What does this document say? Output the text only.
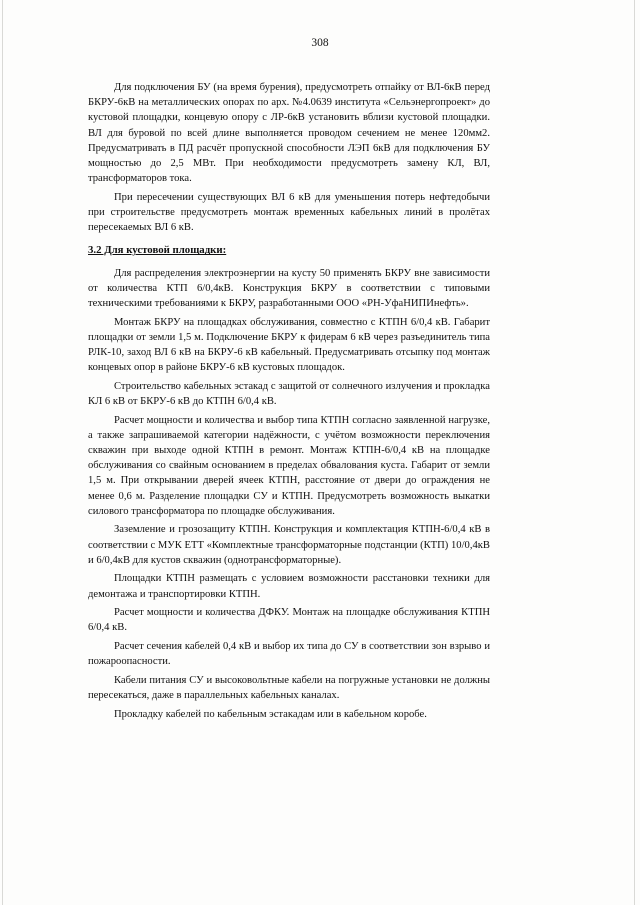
308

Для подключения БУ (на время бурения), предусмотреть отпайку от ВЛ-6кВ перед БКРУ-6кВ на металлических опорах по арх. №4.0639 института «Сельэнергопроект» до кустовой площадки, концевую опору с ЛР-6кВ установить вблизи кустовой площадки. ВЛ для буровой по всей длине выполняется проводом сечением не менее 120мм2. Предусматривать в ПД расчёт пропускной способности ЛЭП 6кВ для подключения БУ мощностью до 2,5 МВт. При необходимости предусмотреть замену КЛ, ВЛ, трансформаторов тока.

При пересечении существующих ВЛ 6 кВ для уменьшения потерь нефтедобычи при строительстве предусмотреть монтаж временных кабельных линий в пролётах пересекаемых ВЛ 6 кВ.

3.2 Для кустовой площадки:

Для распределения электроэнергии на кусту 50 применять БКРУ вне зависимости от количества КТП 6/0,4кВ. Конструкция БКРУ в соответствии с типовыми техническими требованиями к БКРУ, разработанными ООО «РН-УфаНИПИнефть».

Монтаж БКРУ на площадках обслуживания, совместно с КТПН 6/0,4 кВ. Габарит площадки от земли 1,5 м. Подключение БКРУ к фидерам 6 кВ через разъединитель типа РЛК-10, заход ВЛ 6 кВ на БКРУ-6 кВ кабельный. Предусматривать отсыпку под монтаж концевых опор в районе БКРУ-6 кВ кустовых площадок.

Строительство кабельных эстакад с защитой от солнечного излучения и прокладка КЛ 6 кВ от БКРУ-6 кВ до КТПН 6/0,4 кВ.

Расчет мощности и количества и выбор типа КТПН согласно заявленной нагрузке, а также запрашиваемой категории надёжности, с учётом возможности переключения скважин при выходе одной КТПН в ремонт. Монтаж КТПН-6/0,4 кВ на площадке обслуживания со свайным основанием в пределах обвалования куста. Габарит от земли 1,5 м. При открывании дверей ячеек КТПН, расстояние от двери до ограждения не менее 0,6 м. Разделение площадки СУ и КТПН. Предусмотреть возможность выкатки силового трансформатора по площадке обслуживания.

Заземление и грозозащиту КТПН. Конструкция и комплектация КТПН-6/0,4 кВ в соответствии с МУК ЕТТ «Комплектные трансформаторные подстанции (КТП) 10/0,4кВ и 6/0,4кВ для кустов скважин (однотрансформаторные).

Площадки КТПН размещать с условием возможности расстановки техники для демонтажа и транспортировки КТПН.

Расчет мощности и количества ДФКУ. Монтаж на площадке обслуживания КТПН 6/0,4 кВ.

Расчет сечения кабелей 0,4 кВ и выбор их типа до СУ в соответствии зон взрыво и пожароопасности.

Кабели питания СУ и высоковольтные кабели на погружные установки не должны пересекаться, даже в параллельных кабельных каналах.

Прокладку кабелей по кабельным эстакадам или в кабельном коробе.
